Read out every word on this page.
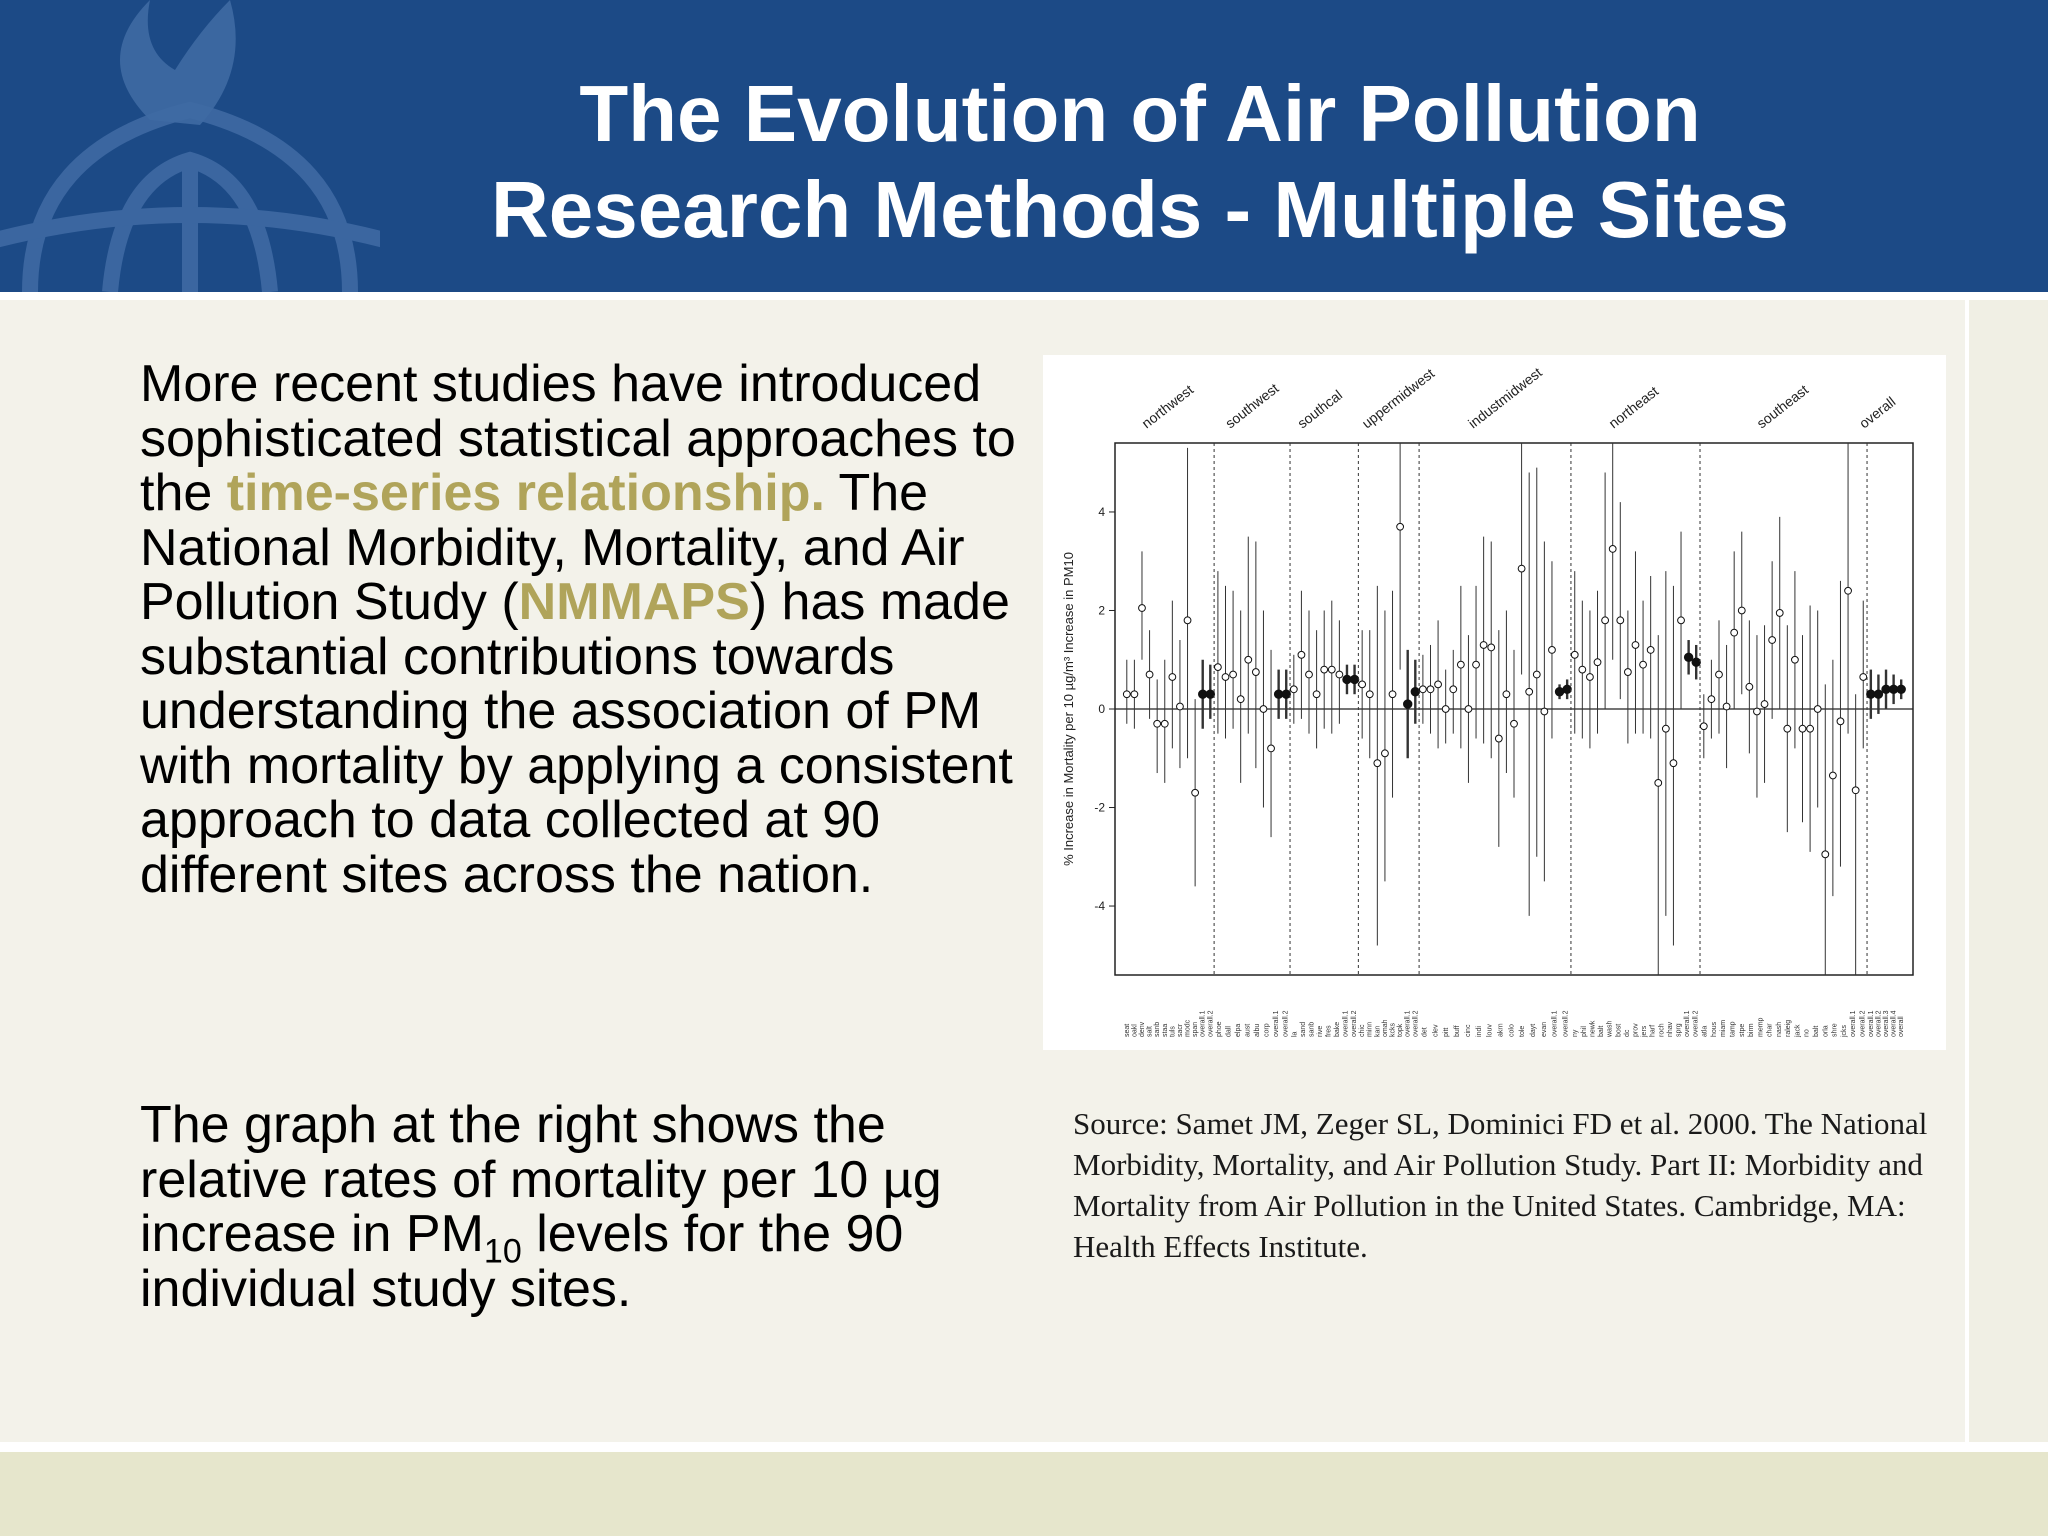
The Evolution of Air Pollution
Research Methods - Multiple Sites

More recent studies have introduced sophisticated statistical approaches to the time-series relationship. The National Morbidity, Mortality, and Air Pollution Study (NMMAPS) has made substantial contributions towards understanding the association of PM with mortality by applying a consistent approach to data collected at 90 different sites across the nation.

The graph at the right shows the relative rates of mortality per 10 µg increase in $PM_{10}$ levels for the 90 individual study sites.

-4
-2
0
2
4
% Increase in Mortality per 10 µg/m³ Increase in PM10
northwest
seat oakl denv salt sanb staa tuls sacr modc span overall.1 overall.2
southwest
phoe dall elpa aust albu corp overall.1 overall.2
southcal
la sand sanb rive fres bake overall.1 overall.2
uppermidwest
chic minn kan omah kcks topk overall.1 overall.2
industmidwest
det clev pitt buff cinc indi louv akrn colo tole dayt evan overall.1 overall.2
northeast
ny phil newk balt wash bost dc prov jers harf roch nhav sprg overall.1 overall.2
southeast
atla hous miam tamp stpe birm memp char nash raleig jack no balt orla shre jcks overall.1 overall.2
overall
overall.1 overall.2 overall.3 overall.4 overall

Source: Samet JM, Zeger SL, Dominici FD et al. 2000. The National Morbidity, Mortality, and Air Pollution Study. Part II: Morbidity and Mortality from Air Pollution in the United States. Cambridge, MA: Health Effects Institute.
